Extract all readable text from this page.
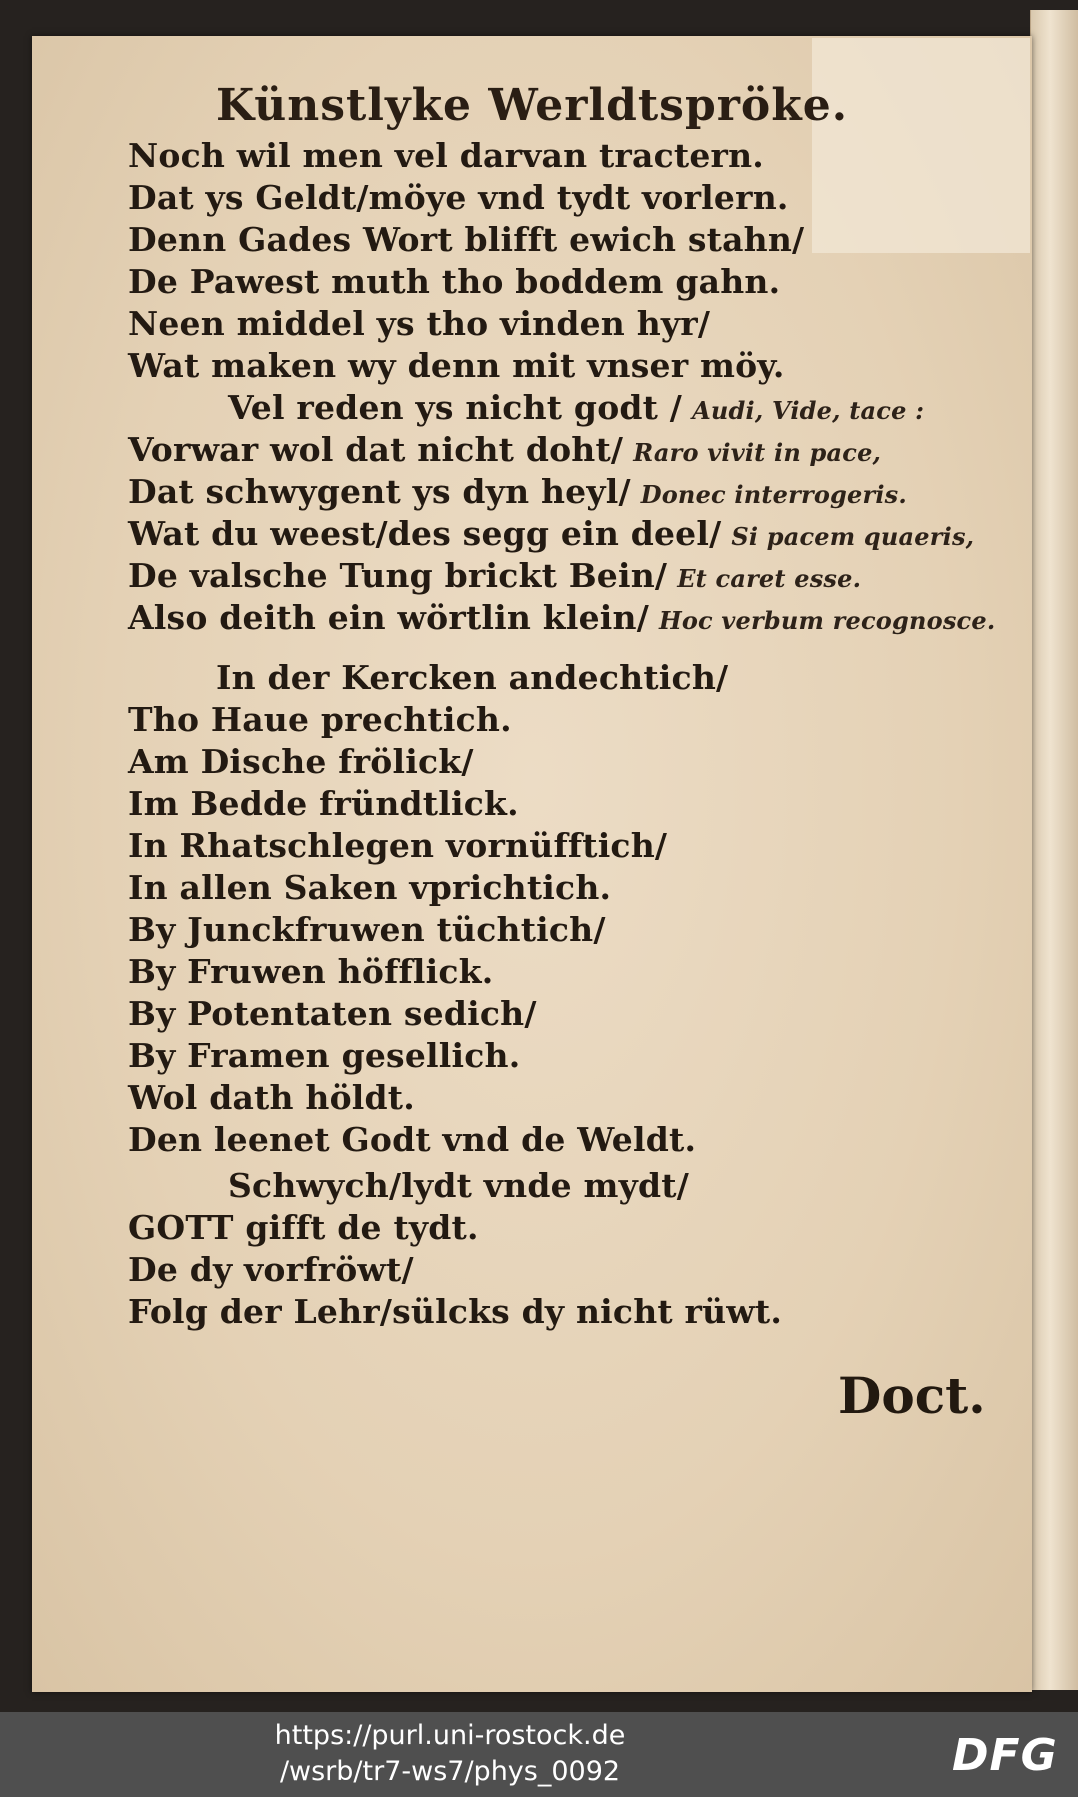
Künstlyke Werldtspröke.
Noch wil men vel darvan tractern.
Dat ys Geldt/möye vnd tydt vorlern.
Denn Gades Wort blifft ewich stahn/
De Pawest muth tho boddem gahn.
Neen middel ys tho vinden hyr/
Wat maken wy denn mit vnser möy.
Vel reden ys nicht godt / Audi, Vide, tace :
Vorwar wol dat nicht doht/ Raro vivit in pace,
Dat schwygent ys dyn heyl/ Donec interrogeris.
Wat du weest/des segg ein deel/ Si pacem quaeris,
De valsche Tung brickt Bein/ Et caret esse.
Also deith ein wörtlin klein/ Hoc verbum recognosce.
In der Kercken andechtich/
Tho Haue prechtich.
Am Dische frölick/
Im Bedde fründtlick.
In Rhatschlegen vornüfftich/
In allen Saken vprichtich.
By Junckfruwen tüchtich/
By Fruwen höfflick.
By Potentaten sedich/
By Framen gesellich.
Wol dath höldt.
Den leenet Godt vnd de Weldt.
Schwych/lydt vnde mydt/
GOTT gifft de tydt.
De dy vorfröwt/
Folg der Lehr/sülcks dy nicht rüwt.
Doct.
https://purl.uni-rostock.de
/wsrb/tr7-ws7/phys_0092	DFG
